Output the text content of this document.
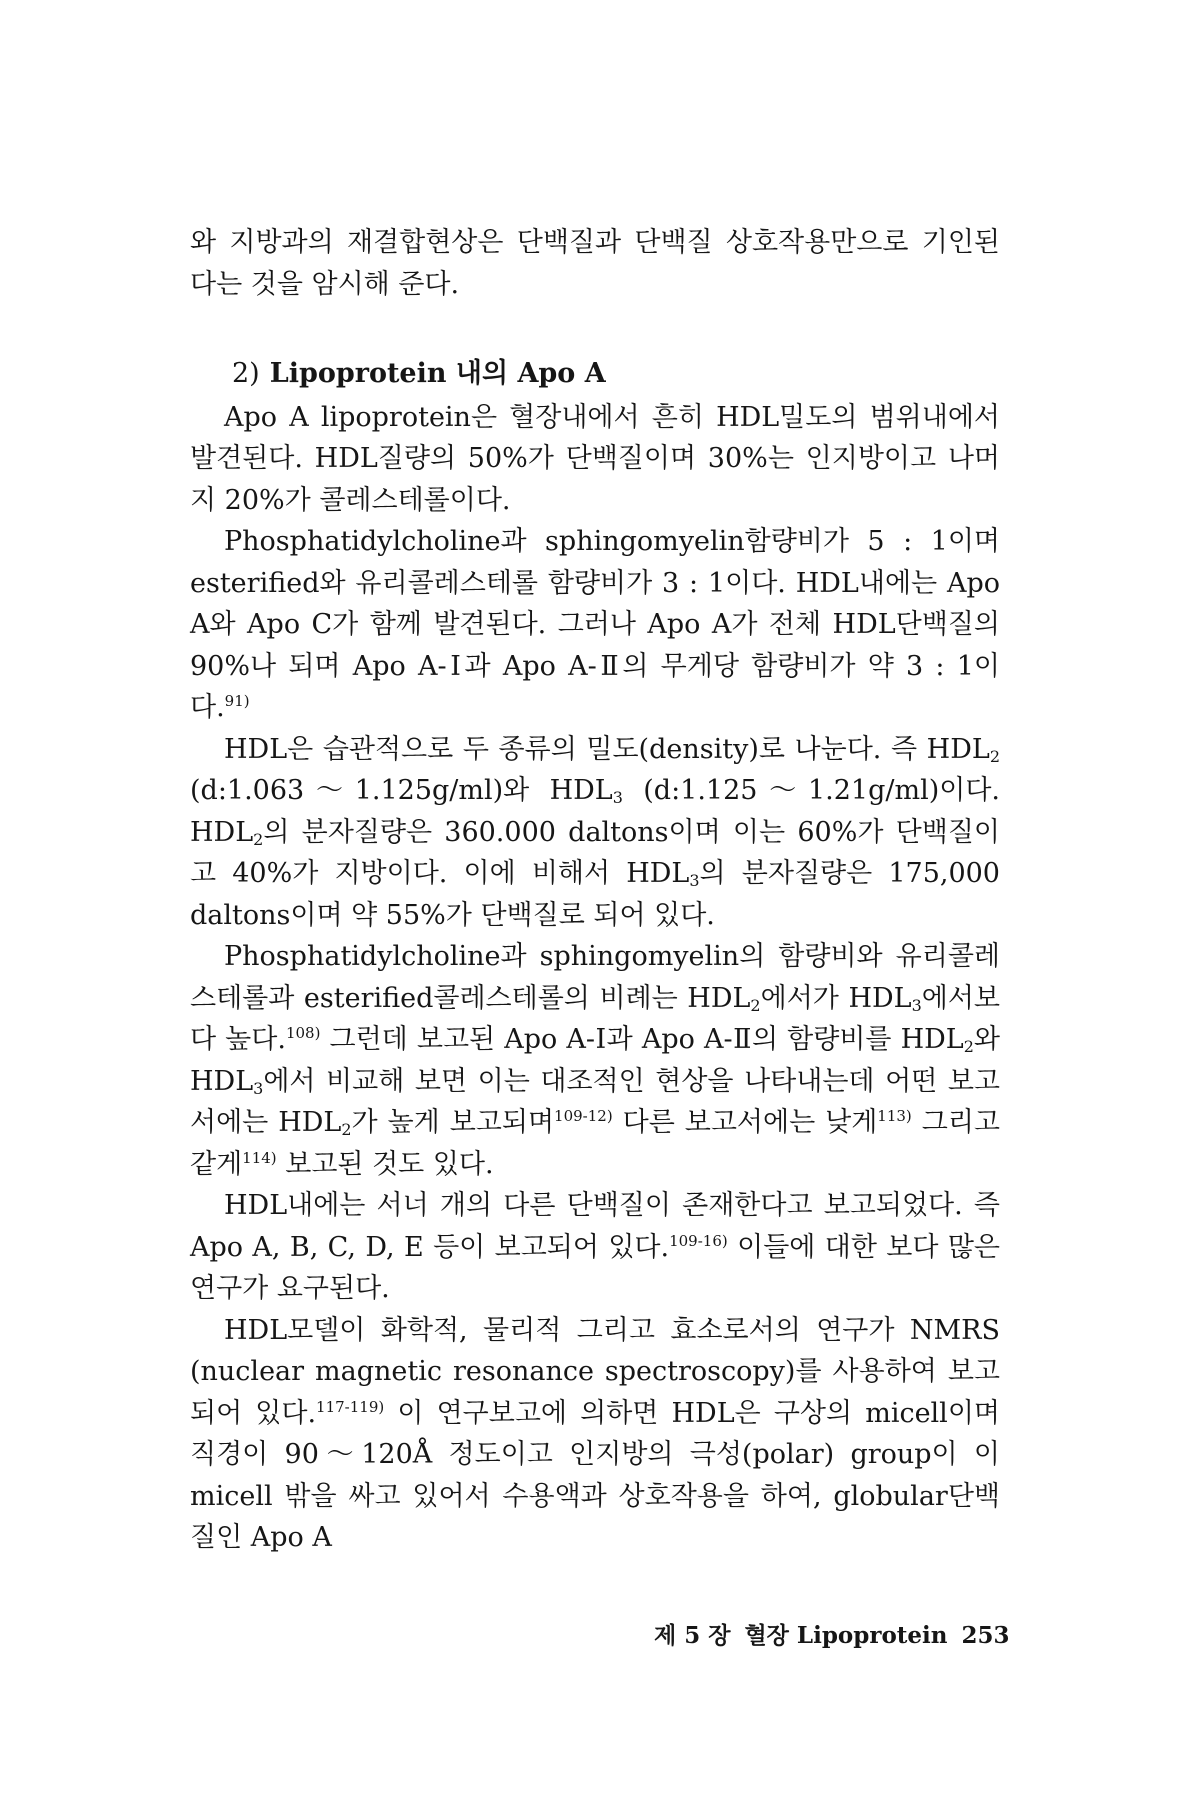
와 지방과의 재결합현상은 단백질과 단백질 상호작용만으로 기인된 다는 것을 암시해 준다.

2) Lipoprotein 내의 Apo A

Apo A lipoprotein은 혈장내에서 흔히 HDL밀도의 범위내에서 발견된다. HDL질량의 50%가 단백질이며 30%는 인지방이고 나머지 20%가 콜레스테롤이다.

Phosphatidylcholine과 sphingomyelin함량비가 5 : 1이며 esterified와 유리콜레스테롤 함량비가 3 : 1이다. HDL내에는 Apo A와 Apo C가 함께 발견된다. 그러나 Apo A가 전체 HDL단백질의 90%나 되며 Apo A-Ⅰ과 Apo A-Ⅱ의 무게당 함량비가 약 3 : 1이다.$^{91)}$

HDL은 습관적으로 두 종류의 밀도(density)로 나눈다. 즉 $HDL_2$ (d:1.063～1.125g/ml)와 $HDL_3$ (d:1.125～1.21g/ml)이다. $HDL_2$의 분자질량은 360.000 daltons이며 이는 60%가 단백질이고 40%가 지방이다. 이에 비해서 $HDL_3$의 분자질량은 175,000 daltons이며 약 55%가 단백질로 되어 있다.

Phosphatidylcholine과 sphingomyelin의 함량비와 유리콜레스테롤과 esterified콜레스테롤의 비례는 $HDL_2$에서가 $HDL_3$에서보다 높다.$^{108)}$ 그런데 보고된 Apo A-Ⅰ과 Apo A-Ⅱ의 함량비를 $HDL_2$와 $HDL_3$에서 비교해 보면 이는 대조적인 현상을 나타내는데 어떤 보고서에는 $HDL_2$가 높게 보고되며$^{109-12)}$ 다른 보고서에는 낮게$^{113)}$ 그리고 같게$^{114)}$ 보고된 것도 있다.

HDL내에는 서너 개의 다른 단백질이 존재한다고 보고되었다. 즉 Apo A, B, C, D, E 등이 보고되어 있다.$^{109-16)}$ 이들에 대한 보다 많은 연구가 요구된다.

HDL모델이 화학적, 물리적 그리고 효소로서의 연구가 NMRS (nuclear magnetic resonance spectroscopy)를 사용하여 보고되어 있다.$^{117-119)}$ 이 연구보고에 의하면 HDL은 구상의 micell이며 직경이 90～120Å 정도이고 인지방의 극성(polar) group이 이 micell 밖을 싸고 있어서 수용액과 상호작용을 하여, globular단백질인 Apo A

제 5 장 혈장 Lipoprotein 253
